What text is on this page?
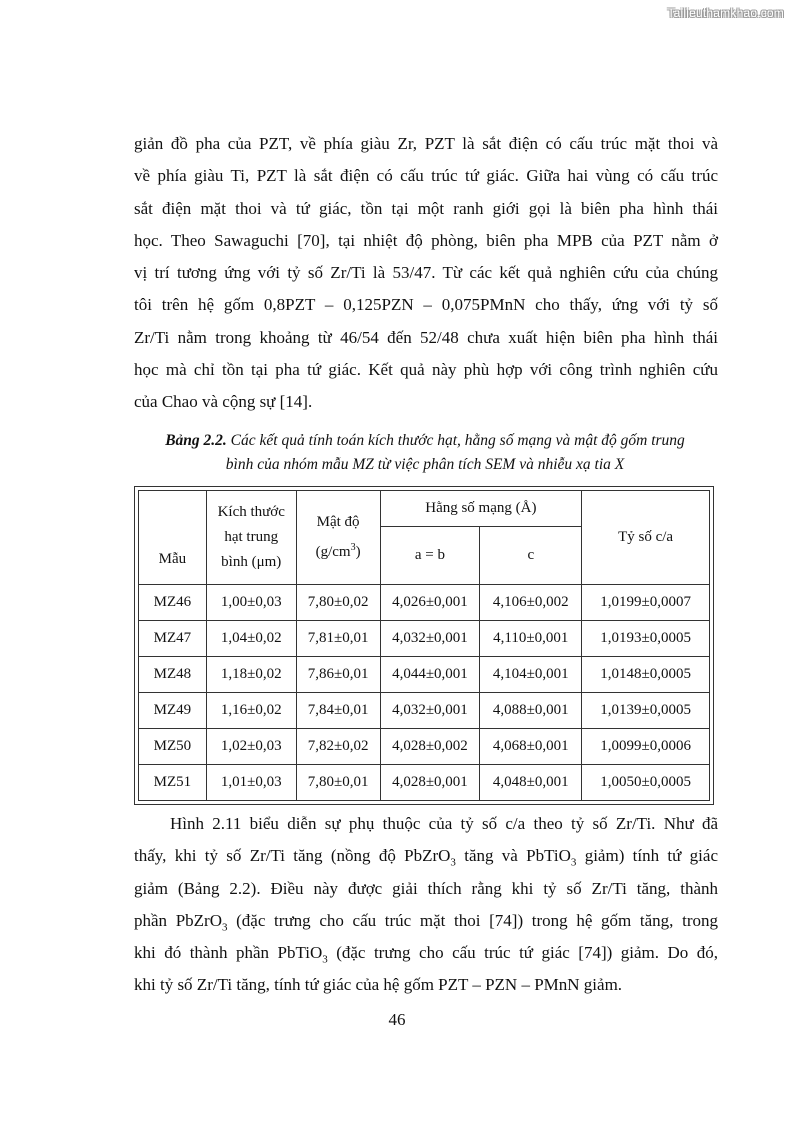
Tailieuthamkhao.com
giản đồ pha của PZT, về phía giàu Zr, PZT là sắt điện có cấu trúc mặt thoi và
về phía giàu Ti, PZT là sắt điện có cấu trúc tứ giác. Giữa hai vùng có cấu trúc
sắt điện mặt thoi và tứ giác, tồn tại một ranh giới gọi là biên pha hình thái
học. Theo Sawaguchi [70], tại nhiệt độ phòng, biên pha MPB của PZT nằm ở
vị trí tương ứng với tỷ số Zr/Ti là 53/47. Từ các kết quả nghiên cứu của chúng
tôi trên hệ gốm 0,8PZT – 0,125PZN – 0,075PMnN cho thấy, ứng với tỷ số
Zr/Ti nằm trong khoảng từ 46/54 đến 52/48 chưa xuất hiện biên pha hình thái
học mà chỉ tồn tại pha tứ giác. Kết quả này phù hợp với công trình nghiên cứu
của Chao và cộng sự [14].
Bảng 2.2. Các kết quả tính toán kích thước hạt, hằng số mạng và mật độ gốm trung
bình của nhóm mẫu MZ từ việc phân tích SEM và nhiễu xạ tia X
Mẫu	Kích thước
hạt trung
bình (μm)	Mật độ
$(g/cm^3)$	Hằng số mạng (Å)		Tỷ số c/a
			a = b	c	
MZ46	1,00±0,03	7,80±0,02	4,026±0,001	4,106±0,002	1,0199±0,0007
MZ47	1,04±0,02	7,81±0,01	4,032±0,001	4,110±0,001	1,0193±0,0005
MZ48	1,18±0,02	7,86±0,01	4,044±0,001	4,104±0,001	1,0148±0,0005
MZ49	1,16±0,02	7,84±0,01	4,032±0,001	4,088±0,001	1,0139±0,0005
MZ50	1,02±0,03	7,82±0,02	4,028±0,002	4,068±0,001	1,0099±0,0006
MZ51	1,01±0,03	7,80±0,01	4,028±0,001	4,048±0,001	1,0050±0,0005
Hình 2.11 biểu diễn sự phụ thuộc của tỷ số c/a theo tỷ số Zr/Ti. Như đã
thấy, khi tỷ số Zr/Ti tăng (nồng độ PbZrO$_3$ tăng và PbTiO$_3$ giảm) tính tứ giác
giảm (Bảng 2.2). Điều này được giải thích rằng khi tỷ số Zr/Ti tăng, thành
phần PbZrO$_3$ (đặc trưng cho cấu trúc mặt thoi [74]) trong hệ gốm tăng, trong
khi đó thành phần PbTiO$_3$ (đặc trưng cho cấu trúc tứ giác [74]) giảm. Do đó,
khi tỷ số Zr/Ti tăng, tính tứ giác của hệ gốm PZT – PZN – PMnN giảm.
46
